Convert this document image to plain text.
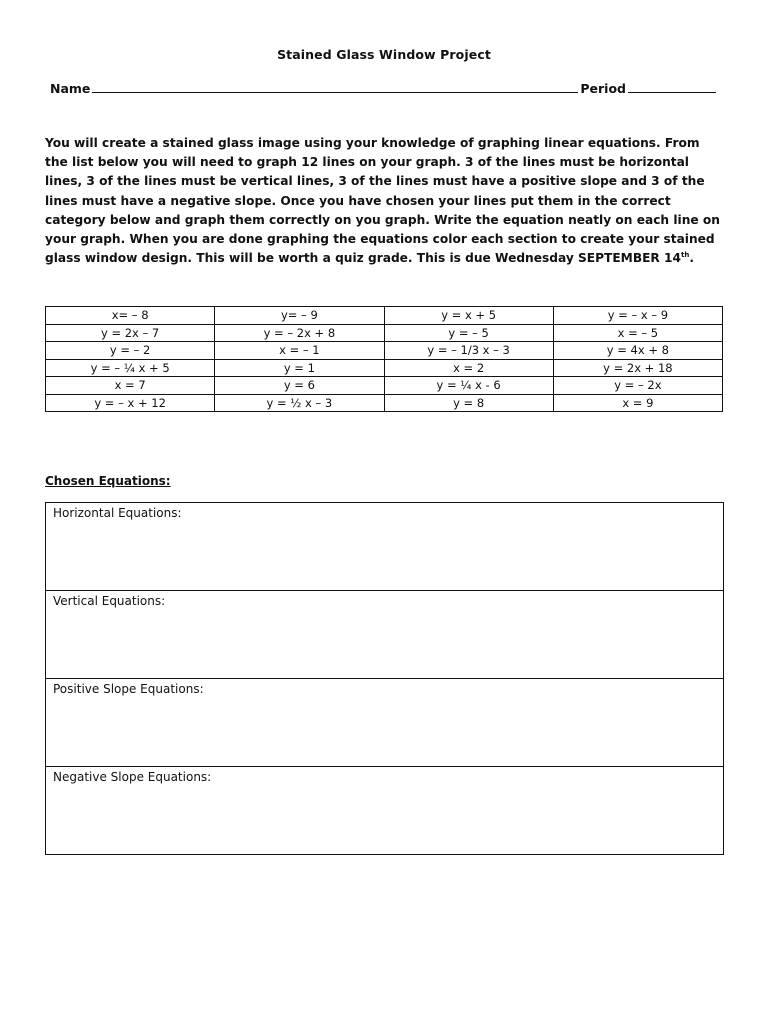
Stained Glass Window Project
Name	Period

You will create a stained glass image using your knowledge of graphing linear equations. From the list below you will need to graph 12 lines on your graph. 3 of the lines must be horizontal lines, 3 of the lines must be vertical lines, 3 of the lines must have a positive slope and 3 of the lines must have a negative slope. Once you have chosen your lines put them in the correct category below and graph them correctly on you graph. Write the equation neatly on each line on your graph. When you are done graphing the equations color each section to create your stained glass window design. This will be worth a quiz grade. This is due Wednesday SEPTEMBER 14th.

x= – 8	y= – 9	y = x + 5	y = – x – 9
y = 2x – 7	y = – 2x + 8	y = – 5	x = – 5
y = – 2	x = – 1	y = – 1/3 x – 3	y = 4x + 8
y = – ¼ x + 5	y = 1	x = 2	y = 2x + 18
x = 7	y = 6	y = ¼ x - 6	y = – 2x
y = – x + 12	y = ½ x – 3	y = 8	x = 9
Chosen Equations:
Horizontal Equations:
Vertical Equations:
Positive Slope Equations:
Negative Slope Equations:
